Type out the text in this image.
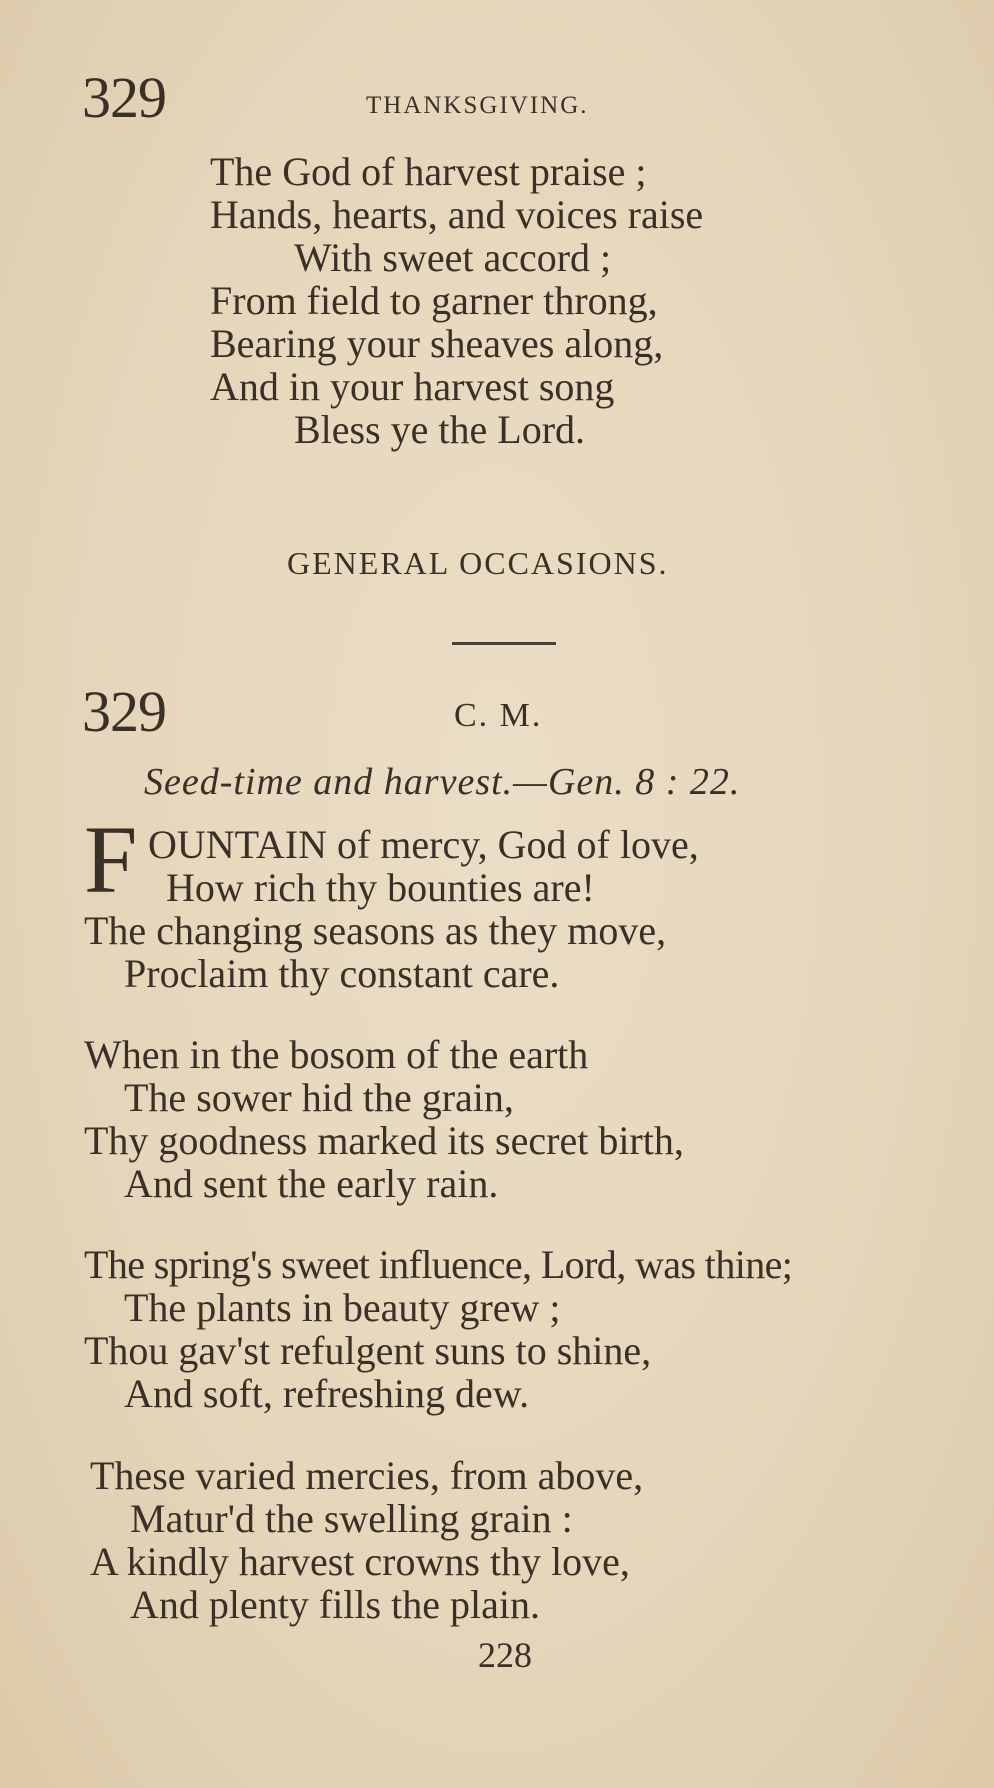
329	THANKSGIVING.
The God of harvest praise ;
Hands, hearts, and voices raise
With sweet accord ;
From field to garner throng,
Bearing your sheaves along,
And in your harvest song
Bless ye the Lord.
GENERAL OCCASIONS.
329	C. M.
Seed-time and harvest.—Gen. 8 : 22.
F OUNTAIN of mercy, God of love,
How rich thy bounties are!
The changing seasons as they move,
Proclaim thy constant care.
When in the bosom of the earth
The sower hid the grain,
Thy goodness marked its secret birth,
And sent the early rain.
The spring's sweet influence, Lord, was thine;
The plants in beauty grew ;
Thou gav'st refulgent suns to shine,
And soft, refreshing dew.
These varied mercies, from above,
Matur'd the swelling grain :
A kindly harvest crowns thy love,
And plenty fills the plain.
228
